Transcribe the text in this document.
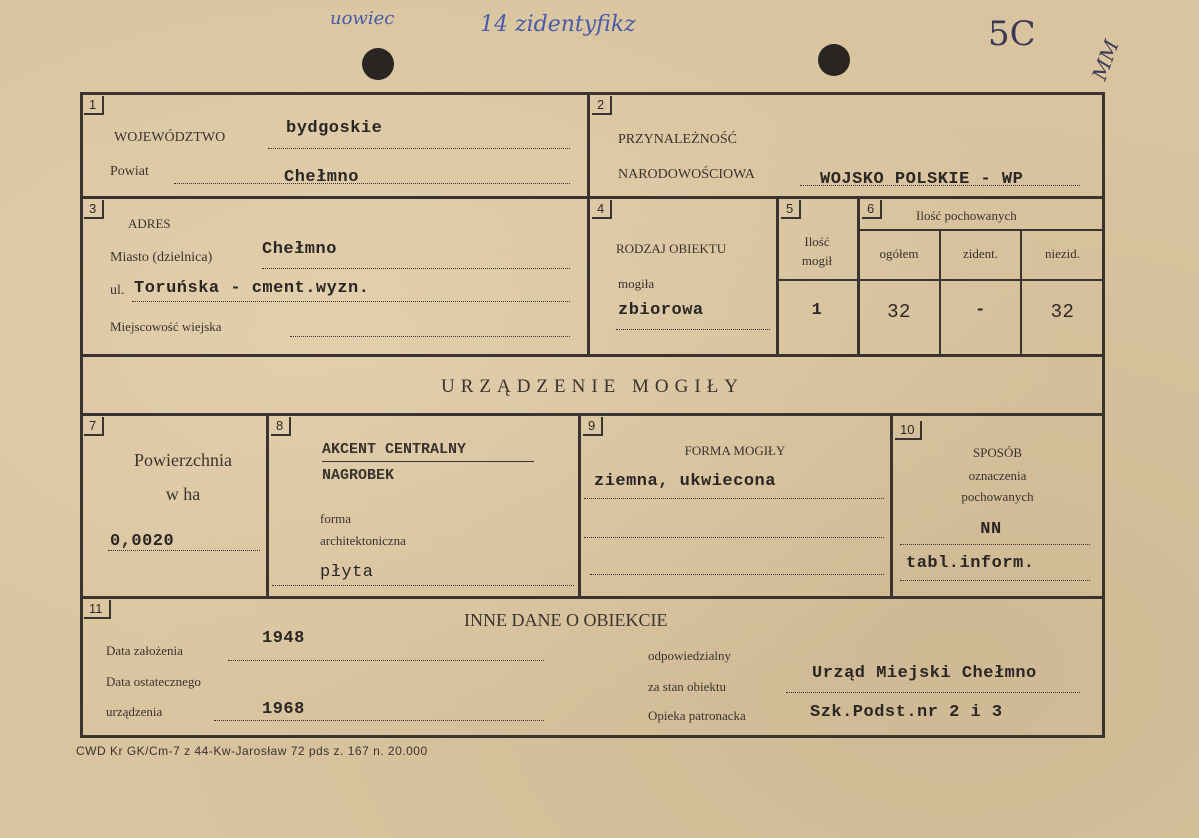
uowiec	14 zidentyfikz	5C
MM
1
WOJEWÓDZTWO	bydgoskie
Powiat	Chełmno
2
PRZYNALEŻNOŚĆ
NARODOWOŚCIOWA	WOJSKO POLSKIE - WP
3
ADRES
Miasto (dzielnica)	Chełmno
ul. Toruńska - cment.wyzn.
Miejscowość wiejska
4
RODZAJ OBIEKTU
mogiła
zbiorowa
5
Ilość
mogił
1
6	Ilość pochowanych
ogółem	zident.	niezid.
32	-	32
URZĄDZENIE MOGIŁY
7
Powierzchnia
w ha
0,0020
8
AKCENT CENTRALNY
NAGROBEK
forma
architektoniczna
płyta
9
FORMA MOGIŁY
ziemna, ukwiecona
10
SPOSÓB
oznaczenia
pochowanych
NN
tabl.inform.
11
INNE DANE O OBIEKCIE
Data założenia
1948
Data ostatecznego
urządzenia	1968
odpowiedzialny
za stan obiektu
Urząd Miejski Chełmno
Opieka patronacka	Szk.Podst.nr 2 i 3
CWD Kr GK/Cm-7 z 44-Kw-Jarosław 72 pds z. 167 n. 20.000
